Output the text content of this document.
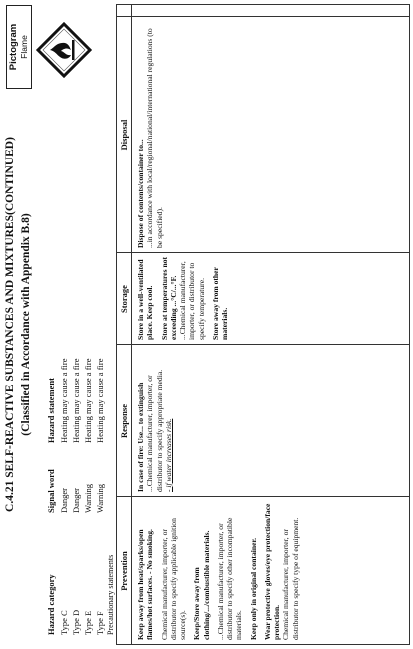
C.4.21 SELF-REACTIVE SUBSTANCES AND MIXTURES(CONTINUED) (Classified in Accordance with Appendix B.8)
Pictogram Flame
Hazard category
Signal word
Hazard statement
Type C
Danger
Heating may cause a fire
Type D
Danger
Heating may cause a fire
Type E
Warning
Heating may cause a fire
Type F
Warning
Heating may cause a fire
Precautionary statements Prevention
Response
Storage
Disposal

Keep away from heat/sparks/open flames/hot surfaces. - No smoking. Chemical manufacturer, importer, or distributor to specify applicable ignition source(s). Keep/Store away from clothing/.../combustible materials. ...Chemical manufacturer, importer, or distributor to specify other incompatible materials. Keep only in original container. Wear protective gloves/eye protection/face protection. Chemical manufacturer, importer, or distributor to specify type of equipment.

In case of fire: Use... to extinguish ...Chemical manufacturer, importer, or distributor to specify appropriate media. - if water increases risk.

Store in a well-ventilated place. Keep cool. Store at temperatures not exceeding ...°C/...°F. ...Chemical manufacturer, importer, or distributor to specify temperature. Store away from other materials.

Dispose of contents/container to... ...in accordance with local/regional/national/international regulations (to be specified).
